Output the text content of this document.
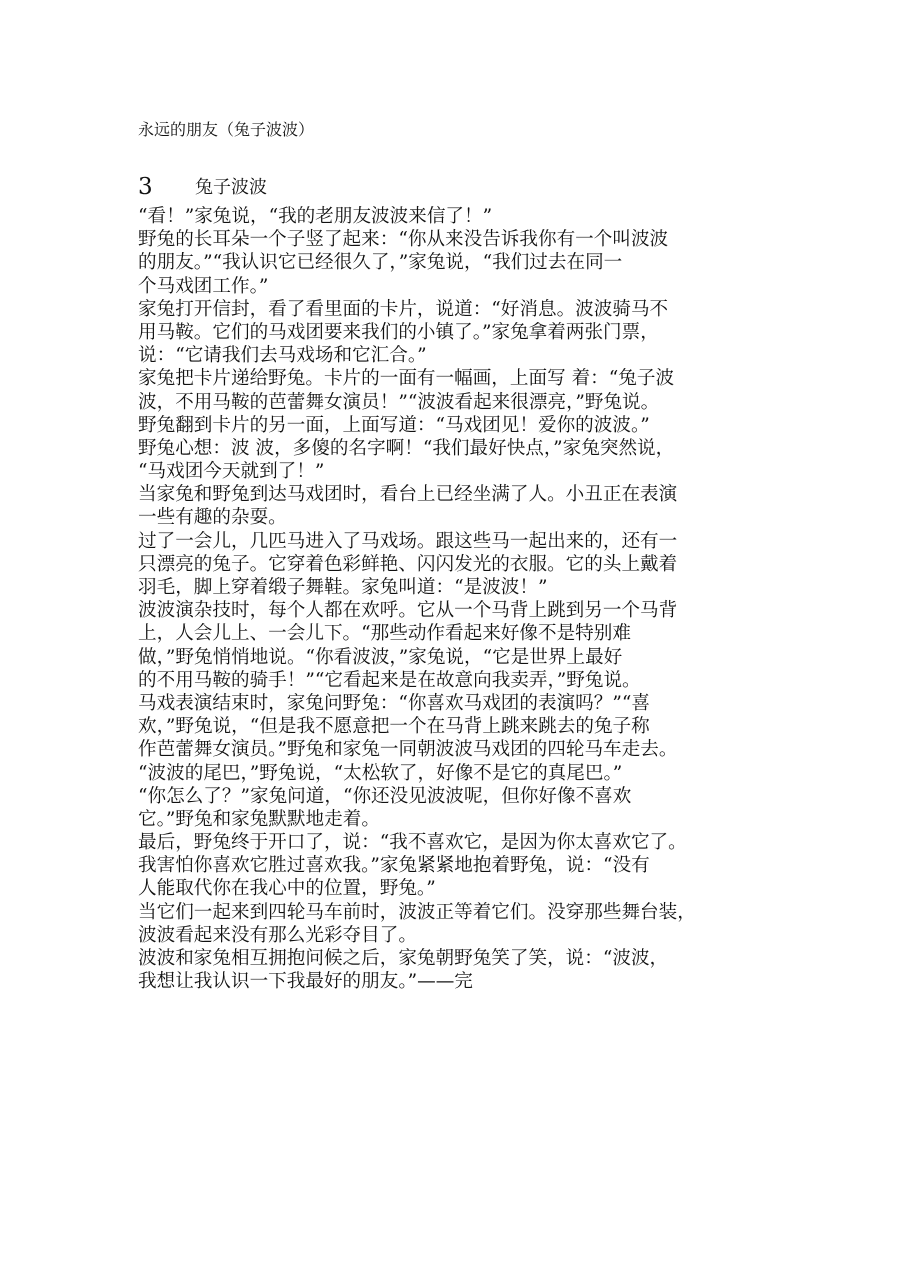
永远的朋友（兔子波波）
3 兔子波波
“看！”家兔说，“我的老朋友波波来信了！”
野兔的长耳朵一个子竖了起来：“你从来没告诉我你有一个叫波波
的朋友。”“我认识它已经很久了，”家兔说，“我们过去在同一
个马戏团工作。”
家兔打开信封，看了看里面的卡片，说道：“好消息。波波骑马不
用马鞍。它们的马戏团要来我们的小镇了。”家兔拿着两张门票，
说：“它请我们去马戏场和它汇合。”
家兔把卡片递给野兔。卡片的一面有一幅画，上面写 着：“兔子波
波，不用马鞍的芭蕾舞女演员！”“波波看起来很漂亮，”野兔说。
野兔翻到卡片的另一面，上面写道：“马戏团见！爱你的波波。”
野兔心想：波 波，多傻的名字啊！“我们最好快点，”家兔突然说，
“马戏团今天就到了！”
当家兔和野兔到达马戏团时，看台上已经坐满了人。小丑正在表演
一些有趣的杂耍。
过了一会儿，几匹马进入了马戏场。跟这些马一起出来的，还有一
只漂亮的兔子。它穿着色彩鲜艳、闪闪发光的衣服。它的头上戴着
羽毛，脚上穿着缎子舞鞋。家兔叫道：“是波波！”
波波演杂技时，每个人都在欢呼。它从一个马背上跳到另一个马背
上，人会儿上、一会儿下。“那些动作看起来好像不是特别难
做，”野兔悄悄地说。“你看波波，”家兔说，“它是世界上最好
的不用马鞍的骑手！”“它看起来是在故意向我卖弄，”野兔说。
马戏表演结束时，家兔问野兔：“你喜欢马戏团的表演吗？”“喜
欢，”野兔说，“但是我不愿意把一个在马背上跳来跳去的兔子称
作芭蕾舞女演员。”野兔和家兔一同朝波波马戏团的四轮马车走去。
“波波的尾巴，”野兔说，“太松软了，好像不是它的真尾巴。”
“你怎么了？”家兔问道，“你还没见波波呢，但你好像不喜欢
它。”野兔和家兔默默地走着。
最后，野兔终于开口了，说：“我不喜欢它，是因为你太喜欢它了。
我害怕你喜欢它胜过喜欢我。”家兔紧紧地抱着野兔，说：“没有
人能取代你在我心中的位置，野兔。”
当它们一起来到四轮马车前时，波波正等着它们。没穿那些舞台装，
波波看起来没有那么光彩夺目了。
波波和家兔相互拥抱问候之后，家兔朝野兔笑了笑，说：“波波，
我想让我认识一下我最好的朋友。”——完
